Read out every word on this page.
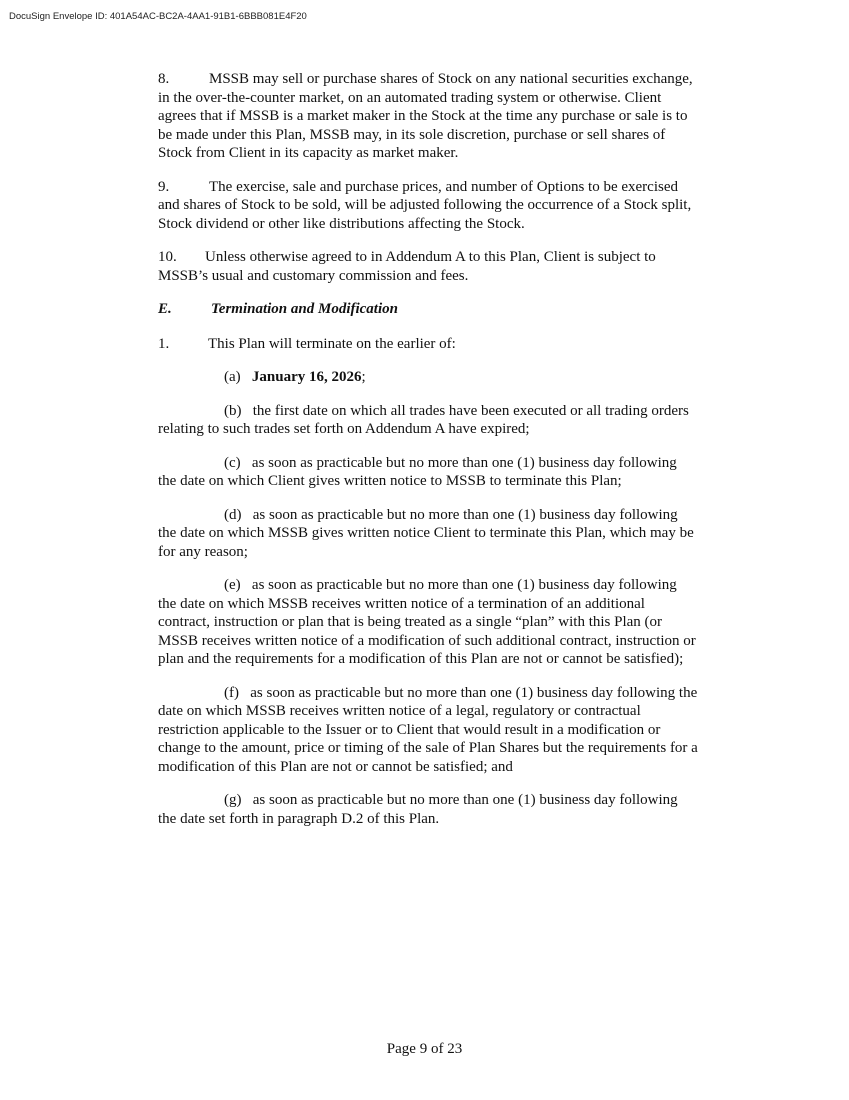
DocuSign Envelope ID: 401A54AC-BC2A-4AA1-91B1-6BBB081E4F20

8.	MSSB may sell or purchase shares of Stock on any national securities exchange, in the over-the-counter market, on an automated trading system or otherwise. Client agrees that if MSSB is a market maker in the Stock at the time any purchase or sale is to be made under this Plan, MSSB may, in its sole discretion, purchase or sell shares of Stock from Client in its capacity as market maker.

9.	The exercise, sale and purchase prices, and number of Options to be exercised and shares of Stock to be sold, will be adjusted following the occurrence of a Stock split, Stock dividend or other like distributions affecting the Stock.

10. Unless otherwise agreed to in Addendum A to this Plan, Client is subject to MSSB’s usual and customary commission and fees.

E.	Termination and Modification

1.	This Plan will terminate on the earlier of:

(a) January 16, 2026;

(b) the first date on which all trades have been executed or all trading orders relating to such trades set forth on Addendum A have expired;

(c) as soon as practicable but no more than one (1) business day following the date on which Client gives written notice to MSSB to terminate this Plan;

(d) as soon as practicable but no more than one (1) business day following the date on which MSSB gives written notice Client to terminate this Plan, which may be for any reason;

(e) as soon as practicable but no more than one (1) business day following the date on which MSSB receives written notice of a termination of an additional contract, instruction or plan that is being treated as a single “plan” with this Plan (or MSSB receives written notice of a modification of such additional contract, instruction or plan and the requirements for a modification of this Plan are not or cannot be satisfied);

(f) as soon as practicable but no more than one (1) business day following the date on which MSSB receives written notice of a legal, regulatory or contractual restriction applicable to the Issuer or to Client that would result in a modification or change to the amount, price or timing of the sale of Plan Shares but the requirements for a modification of this Plan are not or cannot be satisfied; and

(g) as soon as practicable but no more than one (1) business day following the date set forth in paragraph D.2 of this Plan.

Page 9 of 23
